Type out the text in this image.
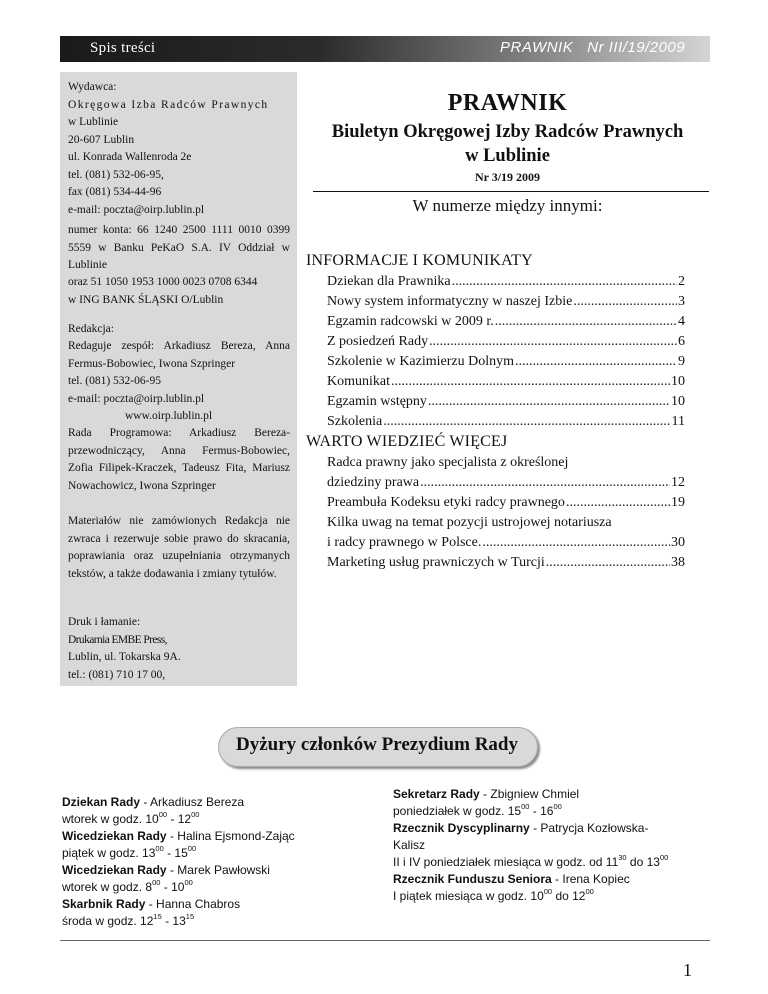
Spis treści	PRAWNIK Nr III/19/2009
Wydawca:
Okręgowa Izba Radców Prawnych
w Lublinie
20-607 Lublin
ul. Konrada Wallenroda 2e
tel. (081) 532-06-95,
fax (081) 534-44-96
e-mail: poczta@oirp.lublin.pl
numer konta: 66 1240 2500 1111 0010 0399 5559 w Banku PeKaO S.A. IV Oddział w Lublinie
oraz 51 1050 1953 1000 0023 0708 6344
w ING BANK ŚLĄSKI O/Lublin
Redakcja:
Redaguje zespół: Arkadiusz Bereza, Anna Fermus-Bobowiec, Iwona Szpringer
tel. (081) 532-06-95
e-mail: poczta@oirp.lublin.pl
www.oirp.lublin.pl
Rada Programowa: Arkadiusz Bereza-przewodniczący, Anna Fermus-Bobowiec, Zofia Filipek-Kraczek, Tadeusz Fita, Mariusz Nowachowicz, Iwona Szpringer
Materiałów nie zamówionych Redakcja nie zwraca i rezerwuje sobie prawo do skracania, poprawiania oraz uzupełniania otrzymanych tekstów, a także dodawania i zmiany tytułów.
Druk i łamanie:
Drukarnia EMBE Press,
Lublin, ul. Tokarska 9A.
tel.: (081) 710 17 00,
PRAWNIK
Biuletyn Okręgowej Izby Radców Prawnych
w Lublinie
Nr 3/19 2009
W numerze między innymi:
INFORMACJE I KOMUNIKATY
Dziekan dla Prawnika .....	2
Nowy system informatyczny w naszej Izbie .....	3
Egzamin radcowski w 2009 r. .....	4
Z posiedzeń Rady .....	6
Szkolenie w Kazimierzu Dolnym .....	9
Komunikat .....	10
Egzamin wstępny .....	10
Szkolenia .....	11
WARTO WIEDZIEĆ WIĘCEJ
Radca prawny jako specjalista z określonej
dziedziny prawa .....	12
Preambuła Kodeksu etyki radcy prawnego .....	19
Kilka uwag na temat pozycji ustrojowej notariusza
i radcy prawnego w Polsce. .....	30
Marketing usług prawniczych w Turcji .....	38
Dyżury członków Prezydium Rady
Dziekan Rady - Arkadiusz Bereza
wtorek w godz. $10^{00} - 12^{00}$
Wicedziekan Rady - Halina Ejsmond-Zając
piątek w godz. $13^{00} - 15^{00}$
Wicedziekan Rady - Marek Pawłowski
wtorek w godz. $8^{00} - 10^{00}$
Skarbnik Rady - Hanna Chabros
środa w godz. $12^{15} - 13^{15}$
Sekretarz Rady - Zbigniew Chmiel
poniedziałek w godz. $15^{00} - 16^{00}$
Rzecznik Dyscyplinarny - Patrycja Kozłowska-
Kalisz
II i IV poniedziałek miesiąca w godz. od $11^{30}$ do $13^{00}$
Rzecznik Funduszu Seniora - Irena Kopiec
I piątek miesiąca w godz. $10^{00}$ do $12^{00}$
1
